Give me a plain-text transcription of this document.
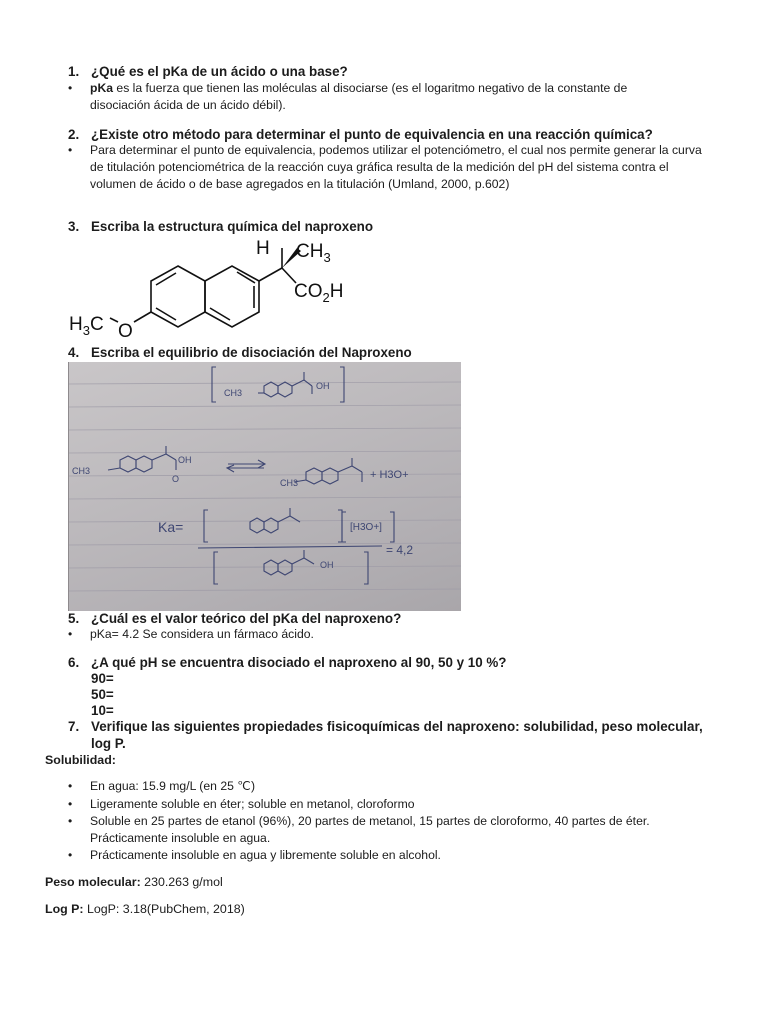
1. ¿Qué es el pKa de un ácido o una base?
• pKa es la fuerza que tienen las moléculas al disociarse (es el logaritmo negativo de la constante de
disociación ácida de un ácido débil).
2. ¿Existe otro método para determinar el punto de equivalencia en una reacción química?
• Para determinar el punto de equivalencia, podemos utilizar el potenciómetro, el cual nos permite generar la curva
de titulación potenciométrica de la reacción cuya gráfica resulta de la medición del pH del sistema contra el
volumen de ácido o de base agregados en la titulación (Umland, 2000, p.602)
3. Escriba la estructura química del naproxeno
H $CH_3$
$CO_2H$
$H_3C$ O
4. Escriba el equilibrio de disociación del Naproxeno
CH3
OH
CH3
OH
O	CH3
+ H3O+
Ka=	[H3O+]
= 4,2
OH
5. ¿Cuál es el valor teórico del pKa del naproxeno?
• pKa= 4.2 Se considera un fármaco ácido.
6. ¿A qué pH se encuentra disociado el naproxeno al 90, 50 y 10 %?
90=
50=
10=
7. Verifique las siguientes propiedades fisicoquímicas del naproxeno: solubilidad, peso molecular,
log P.
Solubilidad:
• En agua: 15.9 mg/L (en 25 ℃)
• Ligeramente soluble en éter; soluble en metanol, cloroformo
• Soluble en 25 partes de etanol (96%), 20 partes de metanol, 15 partes de cloroformo, 40 partes de éter.
Prácticamente insoluble en agua.
• Prácticamente insoluble en agua y libremente soluble en alcohol.
Peso molecular: 230.263 g/mol
Log P: LogP: 3.18(PubChem, 2018)
